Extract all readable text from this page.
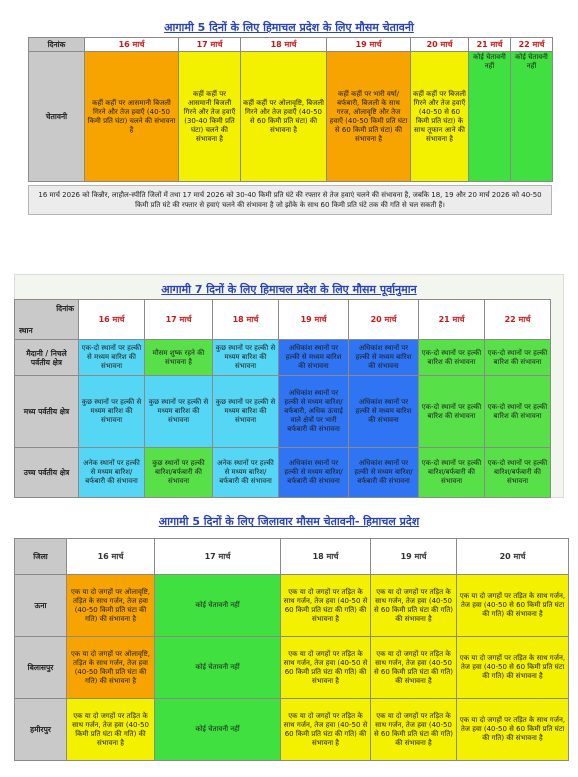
आगामी 5 दिनों के लिए हिमाचल प्रदेश के लिए मौसम चेतावनी
दिनांक	16 मार्च	17 मार्च	18 मार्च	19 मार्च	20 मार्च	21 मार्च	22 मार्च
चेतावनी	कहीं कहीं पर आसमानी बिजली गिरने और तेज हवाएँ (40-50 किमी प्रति घंटा) चलने की संभावना है	कहीं कहीं पर आसमानी बिजली गिरने और तेज हवाएँ (30-40 किमी प्रति घंटा) चलने की संभावना है	कहीं कहीं पर ओलावृष्टि, बिजली गिरने और तेज हवाएँ (40-50 से 60 किमी प्रति घंटा) की संभावना है	कहीं कहीं पर भारी वर्षा/बर्फबारी, बिजली के साथ गरज, ओलावृष्टि और तेज हवाएँ (40-50 किमी प्रति घंटा से 60 किमी प्रति घंटा) की संभावना है	कहीं कहीं पर बिजली गिरने और तेज हवाएँ (40-50 से 60 किमी प्रति घंटा) के साथ तूफान आने की संभावना है	कोई चेतावनी नहीं	कोई चेतावनी नहीं
16 मार्च 2026 को किन्नौर, लाहौल-स्पीति जिलों में तथा 17 मार्च 2026 को 30-40 किमी प्रति घंटे की रफ्तार से तेज हवाएं चलने की संभावना है, जबकि 18, 19 और 20 मार्च 2026 को 40-50 किमी प्रति घंटे की रफ्तार से हवाएं चलने की संभावना है जो झोंके के साथ 60 किमी प्रति घंटे तक की गति से चल सकती हैं।
आगामी 7 दिनों के लिए हिमाचल प्रदेश के लिए मौसम पूर्वानुमान
दिनांक
स्थान	16 मार्च	17 मार्च	18 मार्च	19 मार्च	20 मार्च	21 मार्च	22 मार्च
मैदानी / निचले पर्वतीय क्षेत्र	एक-दो स्थानों पर हल्की से मध्यम बारिश की संभावना	मौसम शुष्क रहने की संभावना है	कुछ स्थानों पर हल्की से मध्यम बारिश की संभावना	अधिकांश स्थानों पर हल्की से मध्यम बारिश की संभावना	अधिकांश स्थानों पर हल्की से मध्यम बारिश की संभावना	एक-दो स्थानों पर हल्की बारिश की संभावना	एक-दो स्थानों पर हल्की बारिश की संभावना
मध्य पर्वतीय क्षेत्र	कुछ स्थानों पर हल्की से मध्यम बारिश की संभावना	कुछ स्थानों पर हल्की से मध्यम बारिश की संभावना	कुछ स्थानों पर हल्की से मध्यम बारिश की संभावना	अधिकांश स्थानों पर हल्की से मध्यम बारिश/बर्फबारी, अधिक ऊंचाई वाले क्षेत्रों पर भारी बर्फबारी की संभावना	अधिकांश स्थानों पर हल्की से मध्यम बारिश की संभावना	एक-दो स्थानों पर हल्की बारिश की संभावना	एक-दो स्थानों पर हल्की बारिश की संभावना
उच्च पर्वतीय क्षेत्र	अनेक स्थानों पर हल्की से मध्यम बारिश/बर्फबारी की संभावना	कुछ स्थानों पर हल्की बारिश/बर्फबारी की संभावना	अनेक स्थानों पर हल्की से मध्यम बारिश/बर्फबारी की संभावना	अधिकांश स्थानों पर हल्की से मध्यम बारिश/बर्फबारी की संभावना	अधिकांश स्थानों पर हल्की से मध्यम बारिश/बर्फबारी की संभावना	एक-दो स्थानों पर हल्की बारिश/बर्फबारी की संभावना	एक-दो स्थानों पर हल्की बारिश/बर्फबारी की संभावना
आगामी 5 दिनों के लिए जिलावार मौसम चेतावनी- हिमाचल प्रदेश
जिला	16 मार्च	17 मार्च	18 मार्च	19 मार्च	20 मार्च
ऊना	एक या दो जगहों पर ओलावृष्टि, तड़ित के साथ गर्जन, तेज हवा (40-50 किमी प्रति घंटा की गति) की संभावना है	कोई चेतावनी नहीं	एक या दो जगहों पर तड़ित के साथ गर्जन, तेज हवा (40-50 से 60 किमी प्रति घंटा की गति) की संभावना है	एक या दो जगहों पर तड़ित के साथ गर्जन, तेज हवा (40-50 से 60 किमी प्रति घंटा की गति) की संभावना है	एक या दो जगहों पर तड़ित के साथ गर्जन, तेज हवा (40-50 से 60 किमी प्रति घंटा की गति) की संभावना है
बिलासपुर	एक या दो जगहों पर ओलावृष्टि, तड़ित के साथ गर्जन, तेज हवा (40-50 किमी प्रति घंटा की गति) की संभावना है	कोई चेतावनी नहीं	एक या दो जगहों पर तड़ित के साथ गर्जन, तेज हवा (40-50 से 60 किमी प्रति घंटा की गति) की संभावना है	एक या दो जगहों पर तड़ित के साथ गर्जन, तेज हवा (40-50 से 60 किमी प्रति घंटा की गति) की संभावना है	एक या दो जगहों पर तड़ित के साथ गर्जन, तेज हवा (40-50 से 60 किमी प्रति घंटा की गति) की संभावना है
हमीरपुर	एक या दो जगहों पर तड़ित के साथ गर्जन, तेज हवा (40-50 किमी प्रति घंटा की गति) की संभावना है	कोई चेतावनी नहीं	एक या दो जगहों पर तड़ित के साथ गर्जन, तेज हवा (40-50 से 60 किमी प्रति घंटा की गति) की संभावना है	एक या दो जगहों पर तड़ित के साथ गर्जन, तेज हवा (40-50 से 60 किमी प्रति घंटा की गति) की संभावना है	एक या दो जगहों पर तड़ित के साथ गर्जन, तेज हवा (40-50 से 60 किमी प्रति घंटा की गति) की संभावना है
